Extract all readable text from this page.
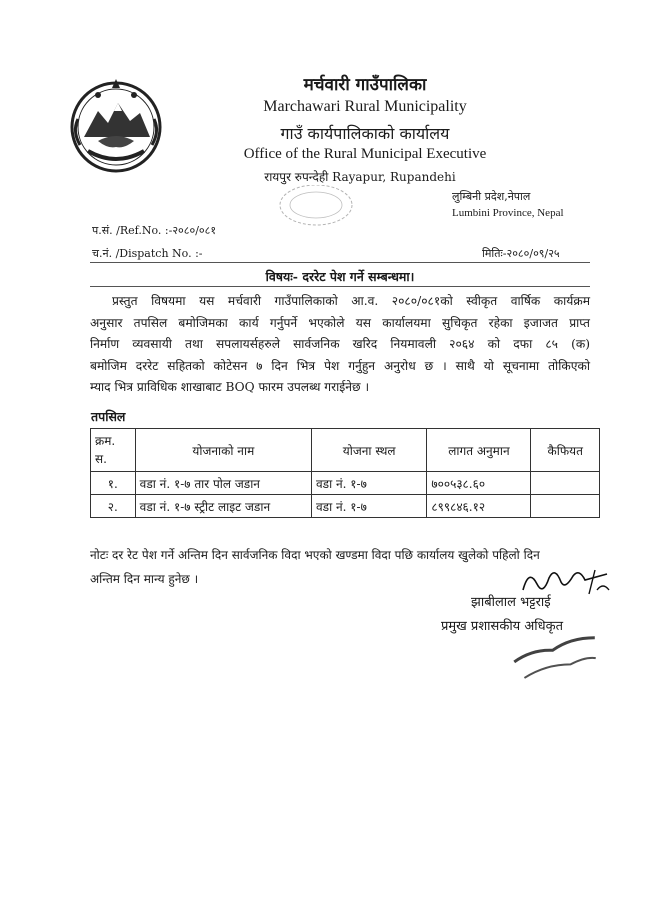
मर्चवारी गाउँपालिका
Marchawari Rural Municipality
गाउँ कार्यपालिकाको कार्यालय
Office of the Rural Municipal Executive
रायपुर रुपन्देही Rayapur, Rupandehi
लुम्बिनी प्रदेश,नेपाल
Lumbini Province, Nepal
प.सं. /Ref.No. :-२०८०/०८१
च.नं. /Dispatch No. :-	मितिः-२०८०/०९/२५
विषयः- दररेट पेश गर्ने सम्बन्धमा।
प्रस्तुत विषयमा यस मर्चवारी गाउँपालिकाको आ.व. २०८०/०८१को स्वीकृत वार्षिक कार्यक्रम
अनुसार तपसिल बमोजिमका कार्य गर्नुपर्ने भएकोले यस कार्यालयमा सुचिकृत रहेका इजाजत प्राप्त
निर्माण व्यवसायी तथा सपलायर्सहरुले सार्वजनिक खरिद नियमावली २०६४ को दफा ८५ (क)
बमोजिम दररेट सहितको कोटेसन ७ दिन भित्र पेश गर्नुहुन अनुरोध छ । साथै यो सूचनामा तोकिएको
म्याद भित्र प्राविधिक शाखाबाट BOQ फारम उपलब्ध गराईनेछ ।
तपसिल
क्रम.
स.	योजनाको नाम	योजना स्थल	लागत अनुमान	कैफियत
१.	वडा नं. १-७ तार पोल जडान	वडा नं. १-७	७००५३८.६०	
२.	वडा नं. १-७ स्ट्रीट लाइट जडान	वडा नं. १-७	८९९८४६.१२	
नोटः दर रेट पेश गर्ने अन्तिम दिन सार्वजनिक विदा भएको खण्डमा विदा पछि कार्यालय खुलेको पहिलो दिन
अन्तिम दिन मान्य हुनेछ ।
झाबीलाल भट्टराई
प्रमुख प्रशासकीय अधिकृत
